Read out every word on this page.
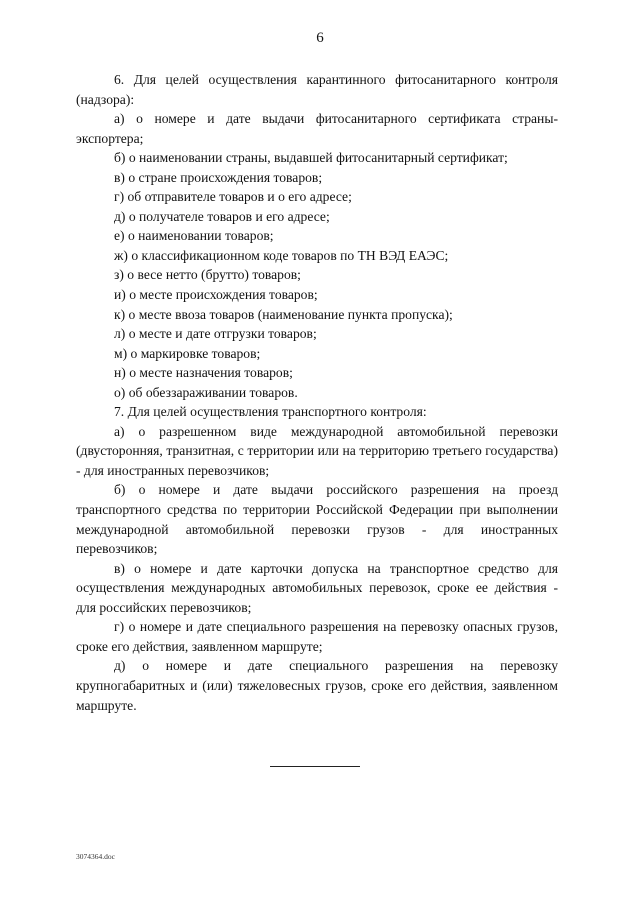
6

6. Для целей осуществления карантинного фитосанитарного контроля (надзора):

а) о номере и дате выдачи фитосанитарного сертификата страны-экспортера;

б) о наименовании страны, выдавшей фитосанитарный сертификат;

в) о стране происхождения товаров;

г) об отправителе товаров и о его адресе;

д) о получателе товаров и его адресе;

е) о наименовании товаров;

ж) о классификационном коде товаров по ТН ВЭД ЕАЭС;

з) о весе нетто (брутто) товаров;

и) о месте происхождения товаров;

к) о месте ввоза товаров (наименование пункта пропуска);

л) о месте и дате отгрузки товаров;

м) о маркировке товаров;

н) о месте назначения товаров;

о) об обеззараживании товаров.

7. Для целей осуществления транспортного контроля:

а) о разрешенном виде международной автомобильной перевозки (двусторонняя, транзитная, с территории или на территорию третьего государства) - для иностранных перевозчиков;

б) о номере и дате выдачи российского разрешения на проезд транспортного средства по территории Российской Федерации при выполнении международной автомобильной перевозки грузов - для иностранных перевозчиков;

в) о номере и дате карточки допуска на транспортное средство для осуществления международных автомобильных перевозок, сроке ее действия - для российских перевозчиков;

г) о номере и дате специального разрешения на перевозку опасных грузов, сроке его действия, заявленном маршруте;

д) о номере и дате специального разрешения на перевозку крупногабаритных и (или) тяжеловесных грузов, сроке его действия, заявленном маршруте.

3074364.doc
